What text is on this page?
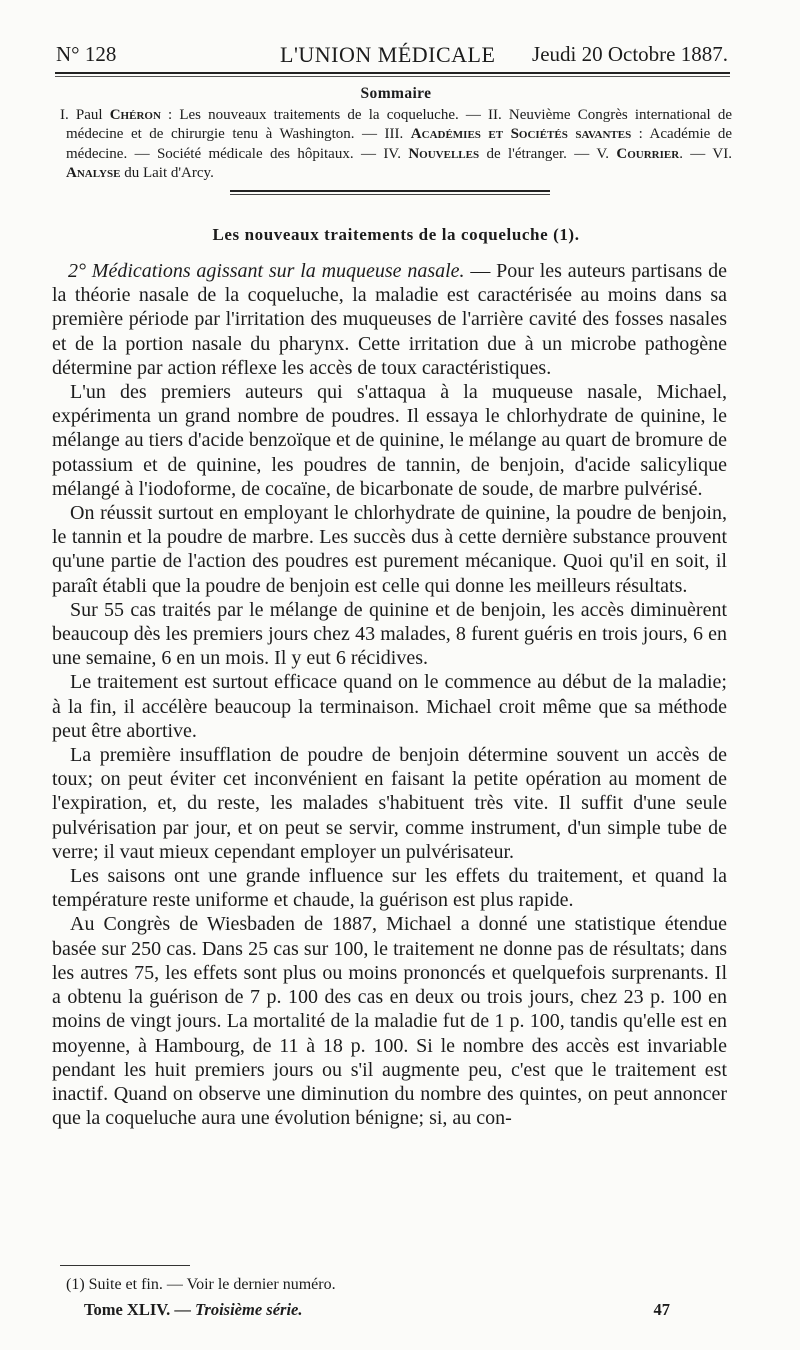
N° 128	L'UNION MÉDICALE Jeudi 20 Octobre 1887.

Sommaire

I. Paul Chéron : Les nouveaux traitements de la coqueluche. — II. Neuvième Congrès international de médecine et de chirurgie tenu à Washington. — III. Académies et Sociétés savantes : Académie de médecine. — Société médicale des hôpitaux. — IV. Nouvelles de l'étranger. — V. Courrier. — VI. Analyse du Lait d'Arcy.

Les nouveaux traitements de la coqueluche (1).

2° Médications agissant sur la muqueuse nasale. — Pour les auteurs partisans de la théorie nasale de la coqueluche, la maladie est caractérisée au moins dans sa première période par l'irritation des muqueuses de l'arrière cavité des fosses nasales et de la portion nasale du pharynx. Cette irritation due à un microbe pathogène détermine par action réflexe les accès de toux caractéristiques.

L'un des premiers auteurs qui s'attaqua à la muqueuse nasale, Michael, expérimenta un grand nombre de poudres. Il essaya le chlorhydrate de quinine, le mélange au tiers d'acide benzoïque et de quinine, le mélange au quart de bromure de potassium et de quinine, les poudres de tannin, de benjoin, d'acide salicylique mélangé à l'iodoforme, de cocaïne, de bicarbonate de soude, de marbre pulvérisé.

On réussit surtout en employant le chlorhydrate de quinine, la poudre de benjoin, le tannin et la poudre de marbre. Les succès dus à cette dernière substance prouvent qu'une partie de l'action des poudres est purement mécanique. Quoi qu'il en soit, il paraît établi que la poudre de benjoin est celle qui donne les meilleurs résultats.

Sur 55 cas traités par le mélange de quinine et de benjoin, les accès diminuèrent beaucoup dès les premiers jours chez 43 malades, 8 furent guéris en trois jours, 6 en une semaine, 6 en un mois. Il y eut 6 récidives.

Le traitement est surtout efficace quand on le commence au début de la maladie; à la fin, il accélère beaucoup la terminaison. Michael croit même que sa méthode peut être abortive.

La première insufflation de poudre de benjoin détermine souvent un accès de toux; on peut éviter cet inconvénient en faisant la petite opération au moment de l'expiration, et, du reste, les malades s'habituent très vite. Il suffit d'une seule pulvérisation par jour, et on peut se servir, comme instrument, d'un simple tube de verre; il vaut mieux cependant employer un pulvérisateur.

Les saisons ont une grande influence sur les effets du traitement, et quand la température reste uniforme et chaude, la guérison est plus rapide.

Au Congrès de Wiesbaden de 1887, Michael a donné une statistique étendue basée sur 250 cas. Dans 25 cas sur 100, le traitement ne donne pas de résultats; dans les autres 75, les effets sont plus ou moins prononcés et quelquefois surprenants. Il a obtenu la guérison de 7 p. 100 des cas en deux ou trois jours, chez 23 p. 100 en moins de vingt jours. La mortalité de la maladie fut de 1 p. 100, tandis qu'elle est en moyenne, à Hambourg, de 11 à 18 p. 100. Si le nombre des accès est invariable pendant les huit premiers jours ou s'il augmente peu, c'est que le traitement est inactif. Quand on observe une diminution du nombre des quintes, on peut annoncer que la coqueluche aura une évolution bénigne; si, au con-

(1) Suite et fin. — Voir le dernier numéro.

Tome XLIV. — Troisième série.	47
